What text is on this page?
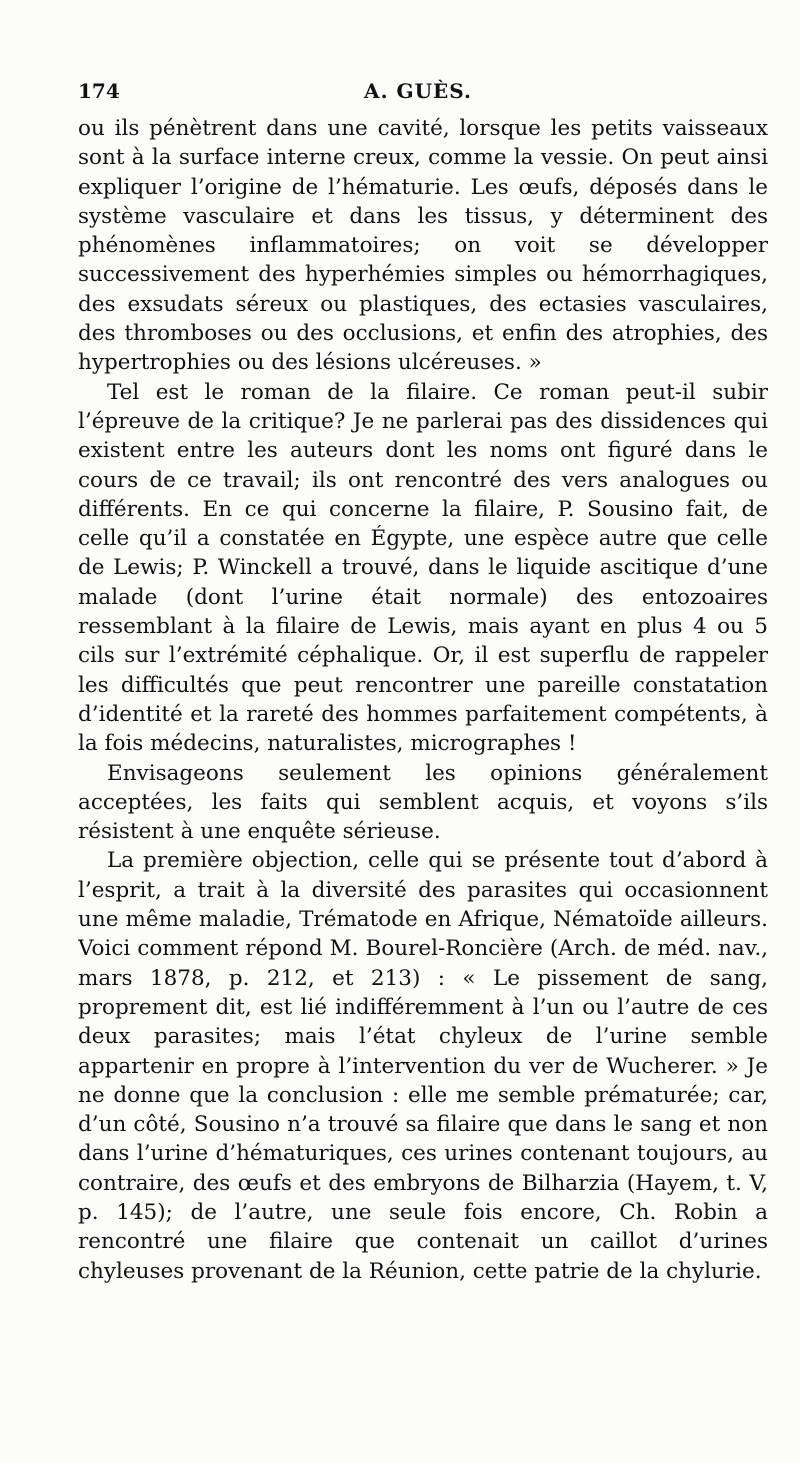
174	A. GUÈS.

ou ils pénètrent dans une cavité, lorsque les petits vaisseaux sont à la surface interne creux, comme la vessie. On peut ainsi expliquer l’origine de l’hématurie. Les œufs, déposés dans le système vasculaire et dans les tissus, y déterminent des phénomènes inflammatoires; on voit se développer successivement des hyperhémies simples ou hémorrhagiques, des exsudats séreux ou plastiques, des ectasies vasculaires, des thromboses ou des occlusions, et enfin des atrophies, des hypertrophies ou des lésions ulcéreuses. »

Tel est le roman de la filaire. Ce roman peut-il subir l’épreuve de la critique? Je ne parlerai pas des dissidences qui existent entre les auteurs dont les noms ont figuré dans le cours de ce travail; ils ont rencontré des vers analogues ou différents. En ce qui concerne la filaire, P. Sousino fait, de celle qu’il a constatée en Égypte, une espèce autre que celle de Lewis; P. Winckell a trouvé, dans le liquide ascitique d’une malade (dont l’urine était normale) des entozoaires ressemblant à la filaire de Lewis, mais ayant en plus 4 ou 5 cils sur l’extrémité céphalique. Or, il est superflu de rappeler les difficultés que peut rencontrer une pareille constatation d’identité et la rareté des hommes parfaitement compétents, à la fois médecins, naturalistes, micrographes !

Envisageons seulement les opinions généralement acceptées, les faits qui semblent acquis, et voyons s’ils résistent à une enquête sérieuse.

La première objection, celle qui se présente tout d’abord à l’esprit, a trait à la diversité des parasites qui occasionnent une même maladie, Trématode en Afrique, Nématoïde ailleurs. Voici comment répond M. Bourel-Roncière (Arch. de méd. nav., mars 1878, p. 212, et 213) : « Le pissement de sang, proprement dit, est lié indifféremment à l’un ou l’autre de ces deux parasites; mais l’état chyleux de l’urine semble appartenir en propre à l’intervention du ver de Wucherer. » Je ne donne que la conclusion : elle me semble prématurée; car, d’un côté, Sousino n’a trouvé sa filaire que dans le sang et non dans l’urine d’hématuriques, ces urines contenant toujours, au contraire, des œufs et des embryons de Bilharzia (Hayem, t. V, p. 145); de l’autre, une seule fois encore, Ch. Robin a rencontré une filaire que contenait un caillot d’urines chyleuses provenant de la Réunion, cette patrie de la chylurie.
